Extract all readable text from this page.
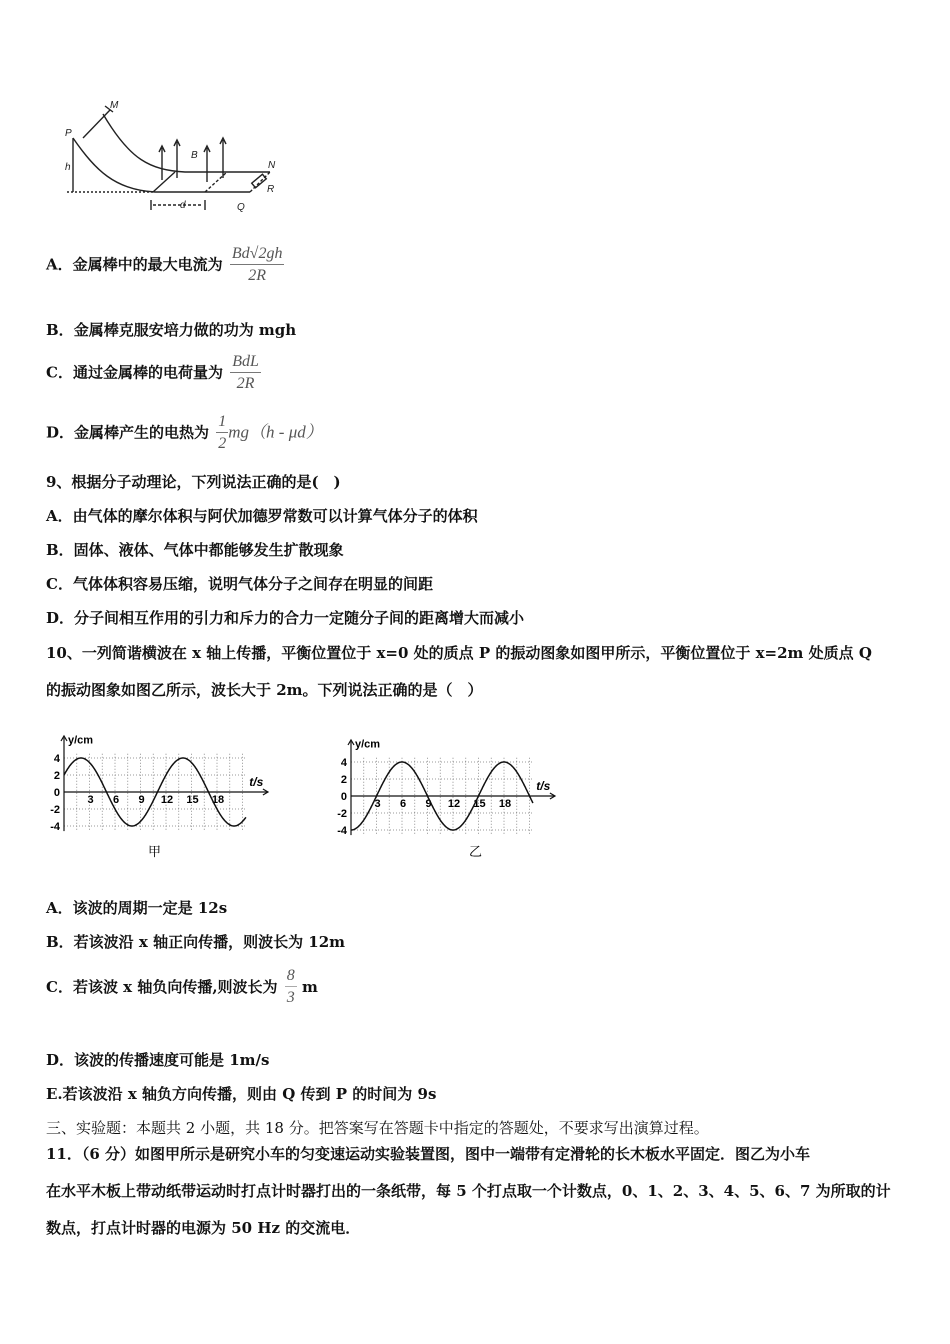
M
P
h
B
N
R
d	Q
A．金属棒中的最大电流为 $\frac{Bd√2gh}{2R}$
B．金属棒克服安培力做的功为 mgh
C．通过金属棒的电荷量为 $\frac{\text{BdL}}{2R}$
D．金属棒产生的电热为 $\frac{1}{2} mg(h - \mu d)$
9、根据分子动理论，下列说法正确的是(　)
A．由气体的摩尔体积与阿伏加德罗常数可以计算气体分子的体积
B．固体、液体、气体中都能够发生扩散现象
C．气体体积容易压缩，说明气体分子之间存在明显的间距
D．分子间相互作用的引力和斥力的合力一定随分子间的距离增大而减小
10、一列简谐横波在 x 轴上传播，平衡位置位于 x=0 处的质点 P 的振动图象如图甲所示，平衡位置位于 x=2m 处质点 Q
的振动图象如图乙所示，波长大于 2m。下列说法正确的是（　）
y/cm
t/s
4
2
0
-2
-4
3 6 9 12 15 18
甲
y/cm
t/s
4
2
0
-2
-4
3 6 9 12 15 18
乙
A．该波的周期一定是 12s
B．若该波沿 x 轴正向传播，则波长为 12m
C．若该波 x 轴负向传播,则波长为 $\frac{8}{3}$ m
D．该波的传播速度可能是 1m/s
E.若该波沿 x 轴负方向传播，则由 Q 传到 P 的时间为 9s
三、实验题：本题共 2 小题，共 18 分。把答案写在答题卡中指定的答题处，不要求写出演算过程。
11．（6 分）如图甲所示是研究小车的匀变速运动实验装置图，图中一端带有定滑轮的长木板水平固定．图乙为小车
在水平木板上带动纸带运动时打点计时器打出的一条纸带，每 5 个打点取一个计数点，0、1、2、3、4、5、6、7 为所取的计
数点，打点计时器的电源为 50 Hz 的交流电．
